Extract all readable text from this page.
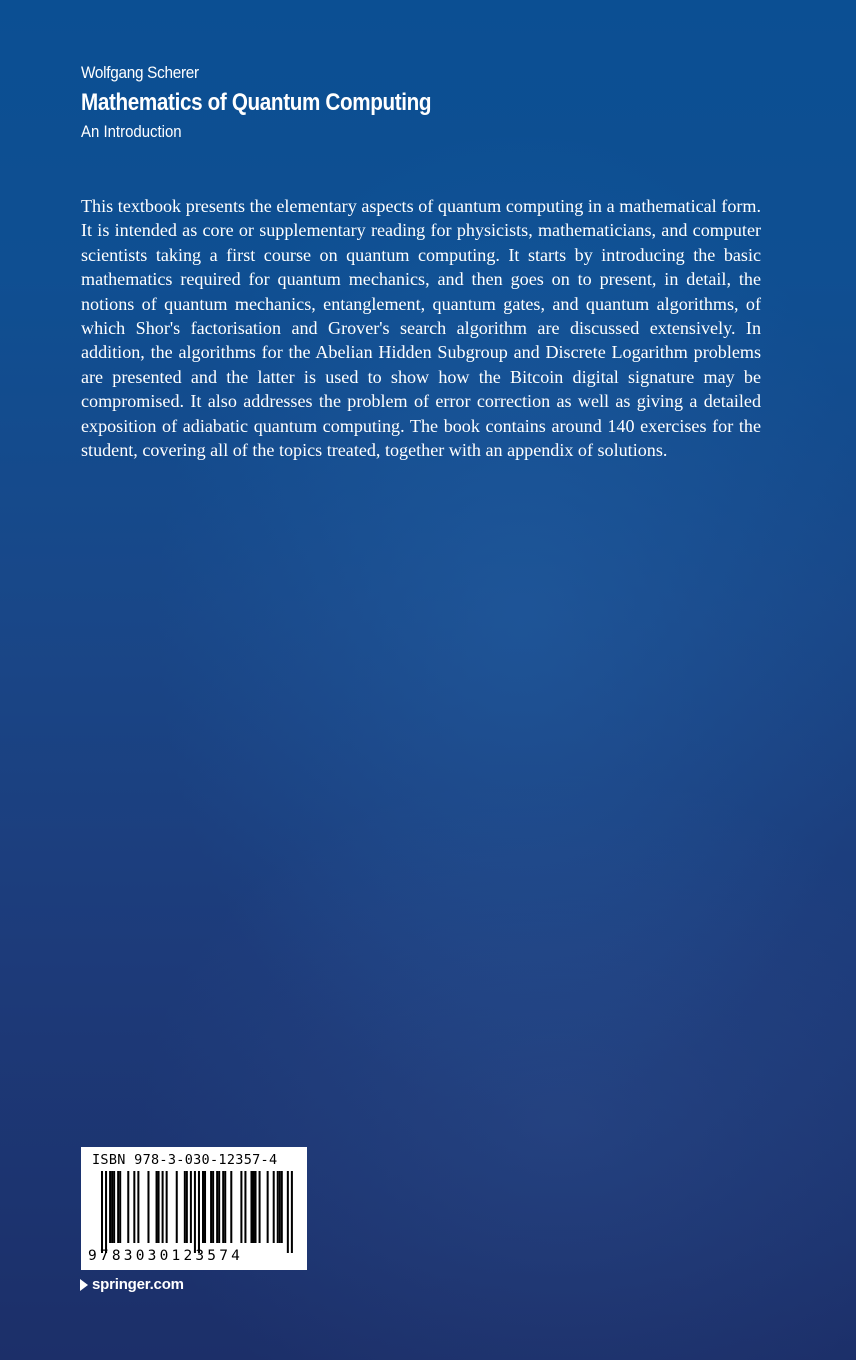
Wolfgang Scherer
Mathematics of Quantum Computing
An Introduction

This textbook presents the elementary aspects of quantum computing in a mathematical form. It is intended as core or supplementary reading for physicists, mathematicians, and computer scientists taking a first course on quantum computing. It starts by introducing the basic mathematics required for quantum mechanics, and then goes on to present, in detail, the notions of quantum mechanics, entanglement, quantum gates, and quantum algorithms, of which Shor's factorisation and Grover's search algorithm are discussed extensively. In addition, the algorithms for the Abelian Hidden Subgroup and Discrete Logarithm problems are presented and the latter is used to show how the Bitcoin digital signature may be compromised. It also addresses the problem of error correction as well as giving a detailed exposition of adiabatic quantum computing. The book contains around 140 exercises for the student, covering all of the topics treated, together with an appendix of solutions.

ISBN 978-3-030-12357-4
9783030123574
springer.com
